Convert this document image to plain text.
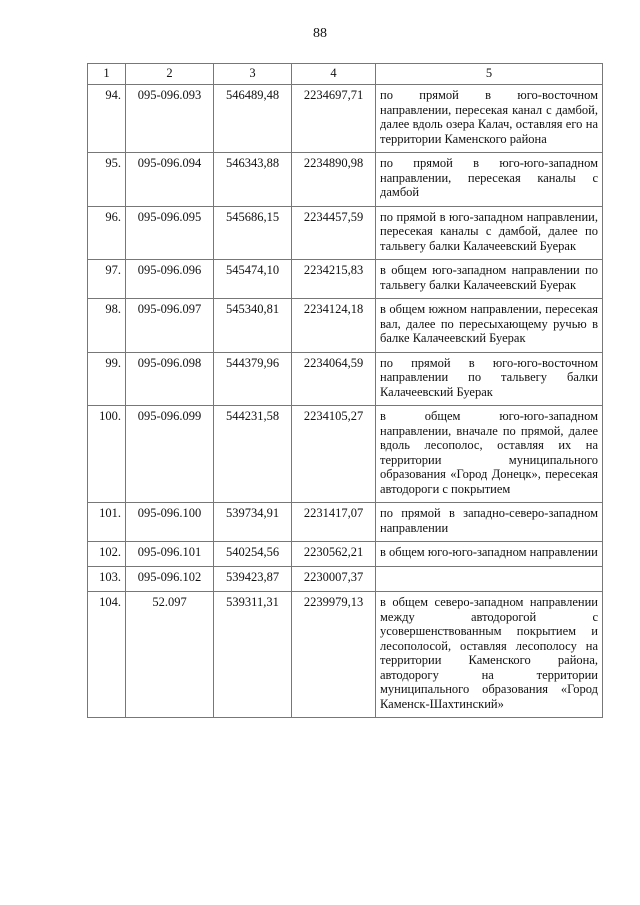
88
1	2	3	4	5
94.	095-096.093	546489,48	2234697,71	по прямой в юго-восточном направлении, пересекая канал с дамбой, далее вдоль озера Калач, оставляя его на территории Каменского района
95.	095-096.094	546343,88	2234890,98	по прямой в юго-юго-западном направлении, пересекая каналы с дамбой
96.	095-096.095	545686,15	2234457,59	по прямой в юго-западном направлении, пересекая каналы с дамбой, далее по тальвегу балки Калачеевский Буерак
97.	095-096.096	545474,10	2234215,83	в общем юго-западном направлении по тальвегу балки Калачеевский Буерак
98.	095-096.097	545340,81	2234124,18	в общем южном направлении, пересекая вал, далее по пересыхающему ручью в балке Калачеевский Буерак
99.	095-096.098	544379,96	2234064,59	по прямой в юго-юго-восточном направлении по тальвегу балки Калачеевский Буерак
100.	095-096.099	544231,58	2234105,27	в общем юго-юго-западном направлении, вначале по прямой, далее вдоль лесополос, оставляя их на территории муниципального образования «Город Донецк», пересекая автодороги с покрытием
101.	095-096.100	539734,91	2231417,07	по прямой в западно-северо-западном направлении
102.	095-096.101	540254,56	2230562,21	в общем юго-юго-западном направлении
103.	095-096.102	539423,87	2230007,37	
104.	52.097	539311,31	2239979,13	в общем северо-западном направлении между автодорогой с усовершенствованным покрытием и лесополосой, оставляя лесополосу на территории Каменского района, автодорогу на территории муниципального образования «Город Каменск-Шахтинский»
